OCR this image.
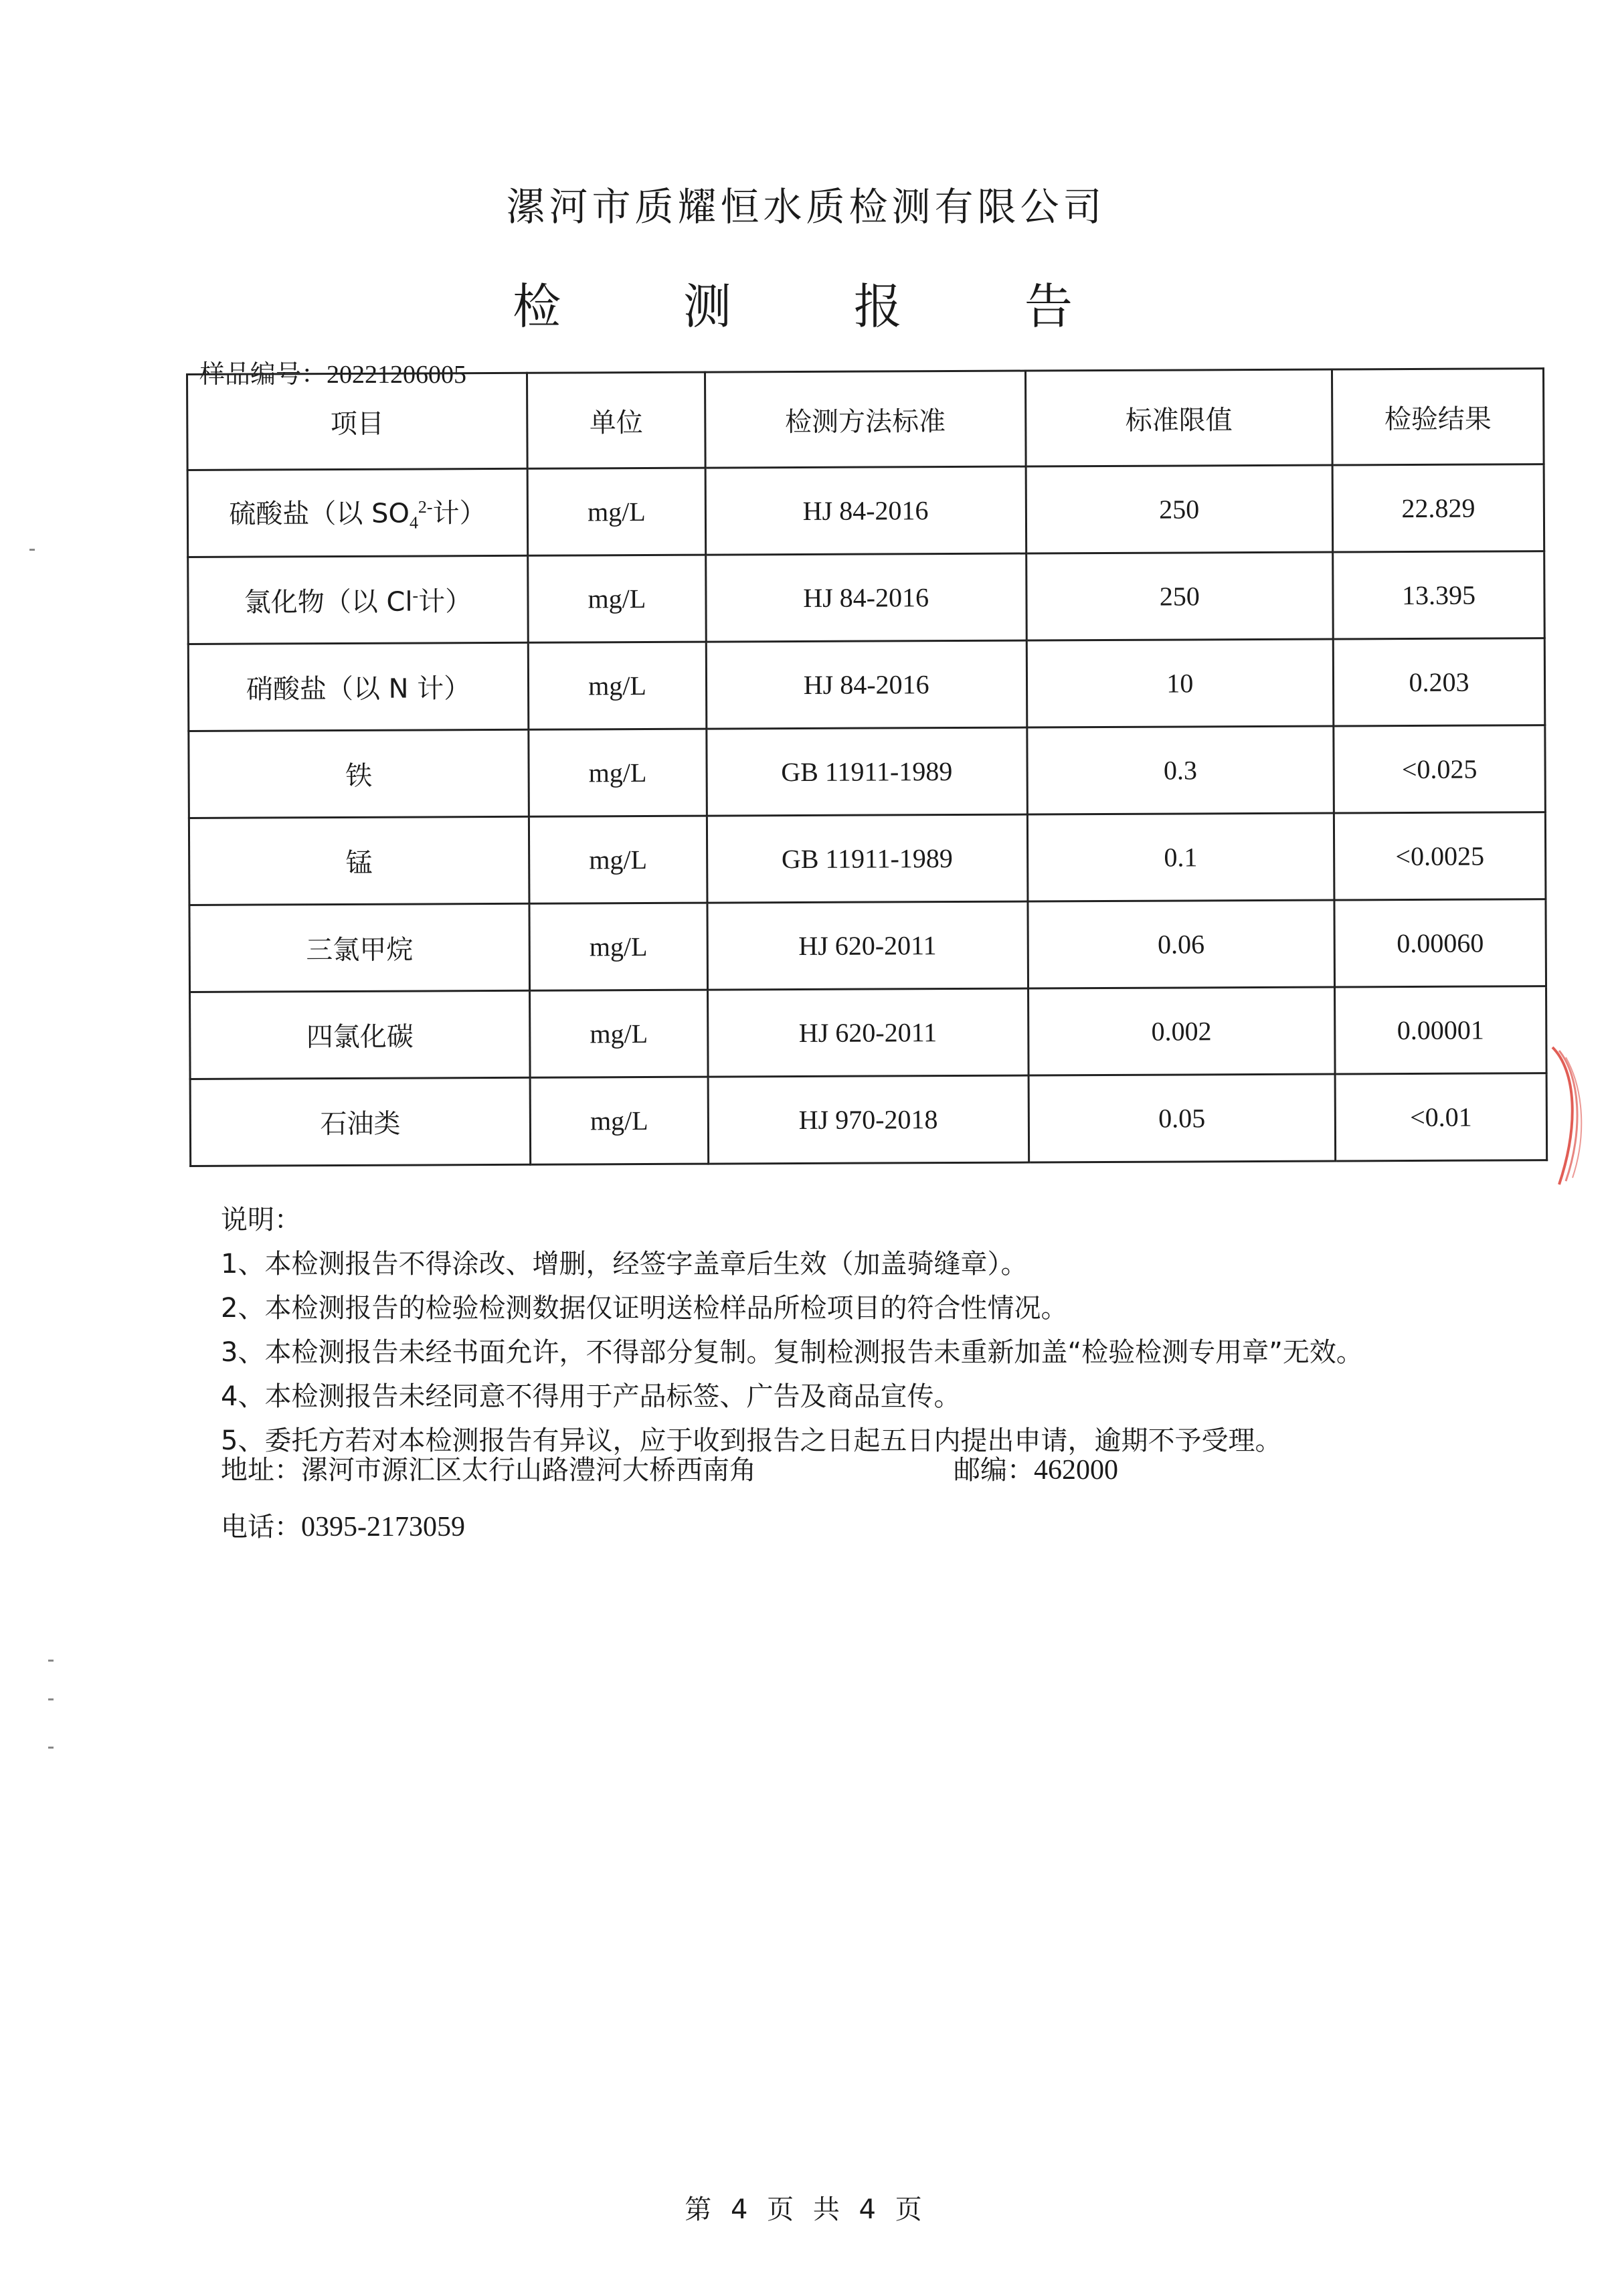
漯河市质耀恒水质检测有限公司
检 测 报 告
样品编号：20221206005
项目	单位	检测方法标准	标准限值	检验结果
硫酸盐（以 $SO_4^{2-}$计）	mg/L	HJ 84-2016	250	22.829
氯化物（以 Cl-计）	mg/L	HJ 84-2016	250	13.395
硝酸盐（以 N 计）	mg/L	HJ 84-2016	10	0.203
铁	mg/L	GB 11911-1989	0.3	<0.025
锰	mg/L	GB 11911-1989	0.1	<0.0025
三氯甲烷	mg/L	HJ 620-2011	0.06	0.00060
四氯化碳	mg/L	HJ 620-2011	0.002	0.00001
石油类	mg/L	HJ 970-2018	0.05	<0.01
说明：
1、本检测报告不得涂改、增删，经签字盖章后生效（加盖骑缝章）。
2、本检测报告的检验检测数据仅证明送检样品所检项目的符合性情况。
3、本检测报告未经书面允许，不得部分复制。复制检测报告未重新加盖“检验检测专用章”无效。
4、本检测报告未经同意不得用于产品标签、广告及商品宣传。
5、委托方若对本检测报告有异议，应于收到报告之日起五日内提出申请，逾期不予受理。
地址：漯河市源汇区太行山路澧河大桥西南角	邮编：462000
电话：0395-2173059
第 4 页 共 4 页
